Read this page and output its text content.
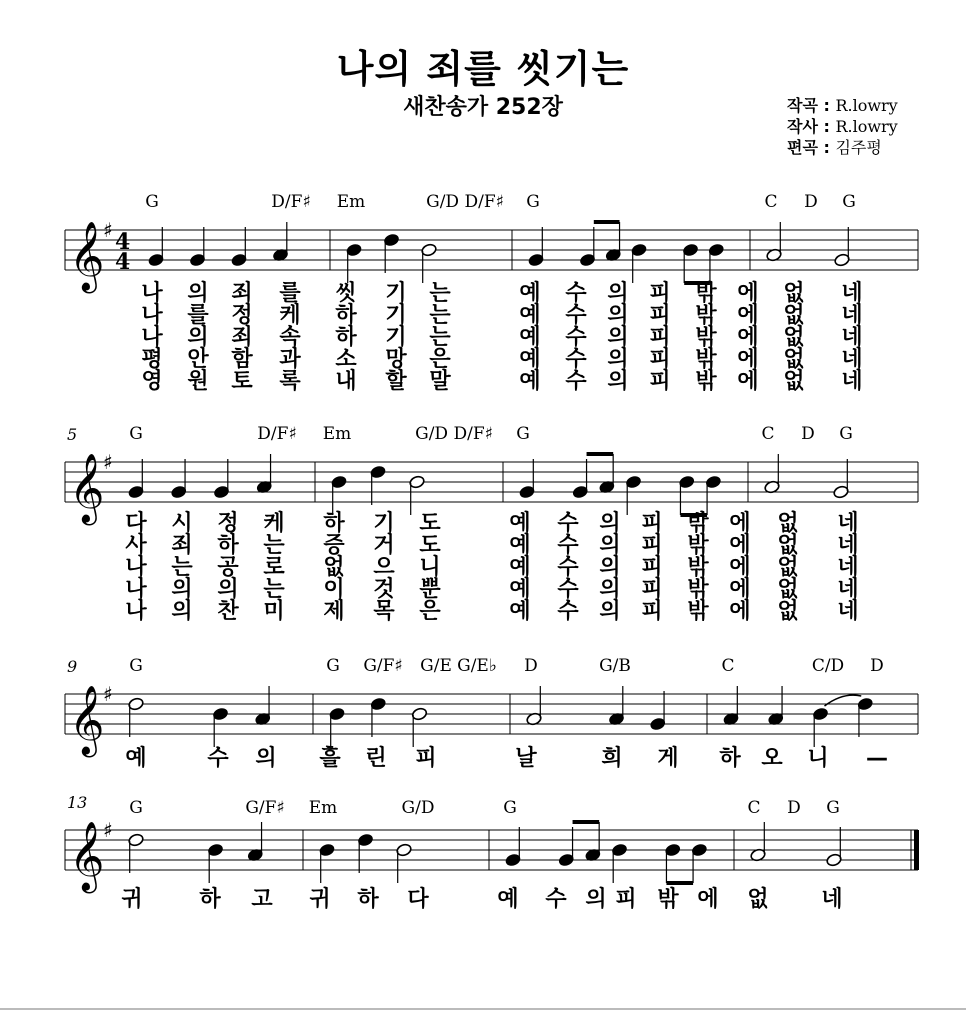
나의 죄를 씻기는
새찬송가 252장	작곡 : R.lowry
작사 : R.lowry
편곡 : 김주평
𝄞
♯ 4
4
G	D/F♯ Em	G/D D/F♯ G	C D G
나 의 죄 를 씻 기 는	예 수 의 피 밖 에 없 네
나 를 정 케 하 기 는	예 수 의 피 밖 에 없 네
나 의 죄 속 하 기 는	예 수 의 피 밖 에 없 네
평 안 함 과 소 망 은	예 수 의 피 밖 에 없 네
영 원 토 록 내 할 말	예 수 의 피 밖 에 없 네
𝄞
♯
5	G	D/F♯ Em	G/D D/F♯ G	C D G
다 시 정 케 하 기 도	예 수 의 피 밖 에 없 네
사 죄 하 는 증 거 도	예 수 의 피 밖 에 없 네
나 는 공 로 없 으 니	예 수 의 피 밖 에 없 네
나 의 의 는 이 것 뿐	예 수 의 피 밖 에 없 네
나 의 찬 미 제 목 은	예 수 의 피 밖 에 없 네
𝄞
♯
9	G	G G/F♯ G/E G/E♭ D	G/B	C	C/D D
예	수 의 흘 린 피	날	희 게 하 오 니 —
𝄞
♯
13 G	G/F♯ Em	G/D	G	C D G
귀	하 고 귀 하 다	예 수 의 피 밖 에 없 네
